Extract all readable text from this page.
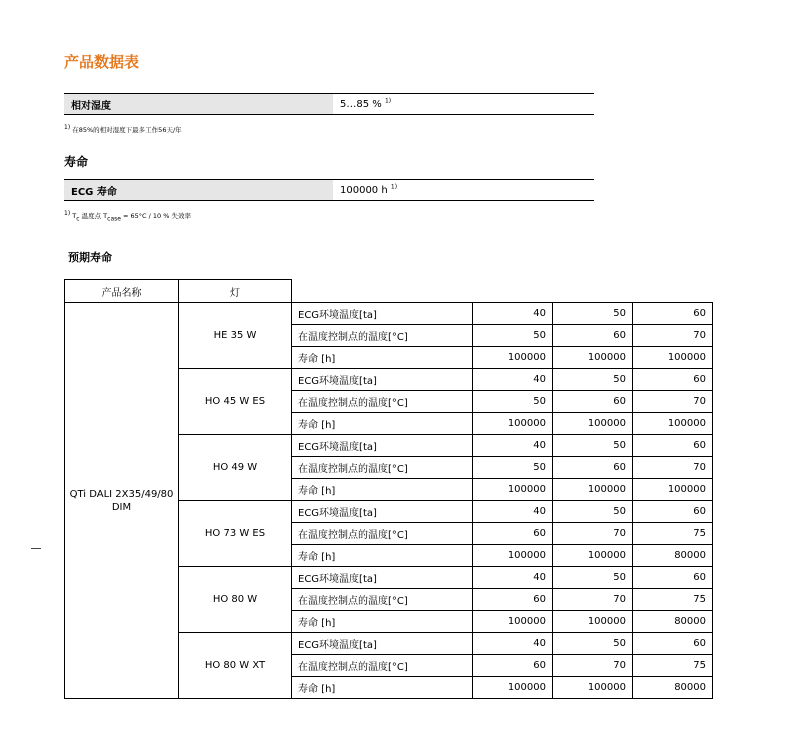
产品数据表
相对湿度	5…85 % $^{1)}$
$^{1)}$ 在85%的相对湿度下最多工作56天/年
寿命
ECG 寿命	100000 h $^{1)}$
$^{1)}$ $T_c$ 温度点 $T_{case} = 65^\circ C / 10$ % 失效率
预期寿命
产品名称	灯				
QTi DALI 2X35/49/80 DIM	HE 35 W	ECG环境温度[ta]	40	50	60
		在温度控制点的温度[°C]	50	60	70
		寿命 [h]	100000	100000	100000
	HO 45 W ES	ECG环境温度[ta]	40	50	60
		在温度控制点的温度[°C]	50	60	70
		寿命 [h]	100000	100000	100000
	HO 49 W	ECG环境温度[ta]	40	50	60
		在温度控制点的温度[°C]	50	60	70
		寿命 [h]	100000	100000	100000
	HO 73 W ES	ECG环境温度[ta]	40	50	60
		在温度控制点的温度[°C]	60	70	75
		寿命 [h]	100000	100000	80000
	HO 80 W	ECG环境温度[ta]	40	50	60
		在温度控制点的温度[°C]	60	70	75
		寿命 [h]	100000	100000	80000
	HO 80 W XT	ECG环境温度[ta]	40	50	60
		在温度控制点的温度[°C]	60	70	75
		寿命 [h]	100000	100000	80000
